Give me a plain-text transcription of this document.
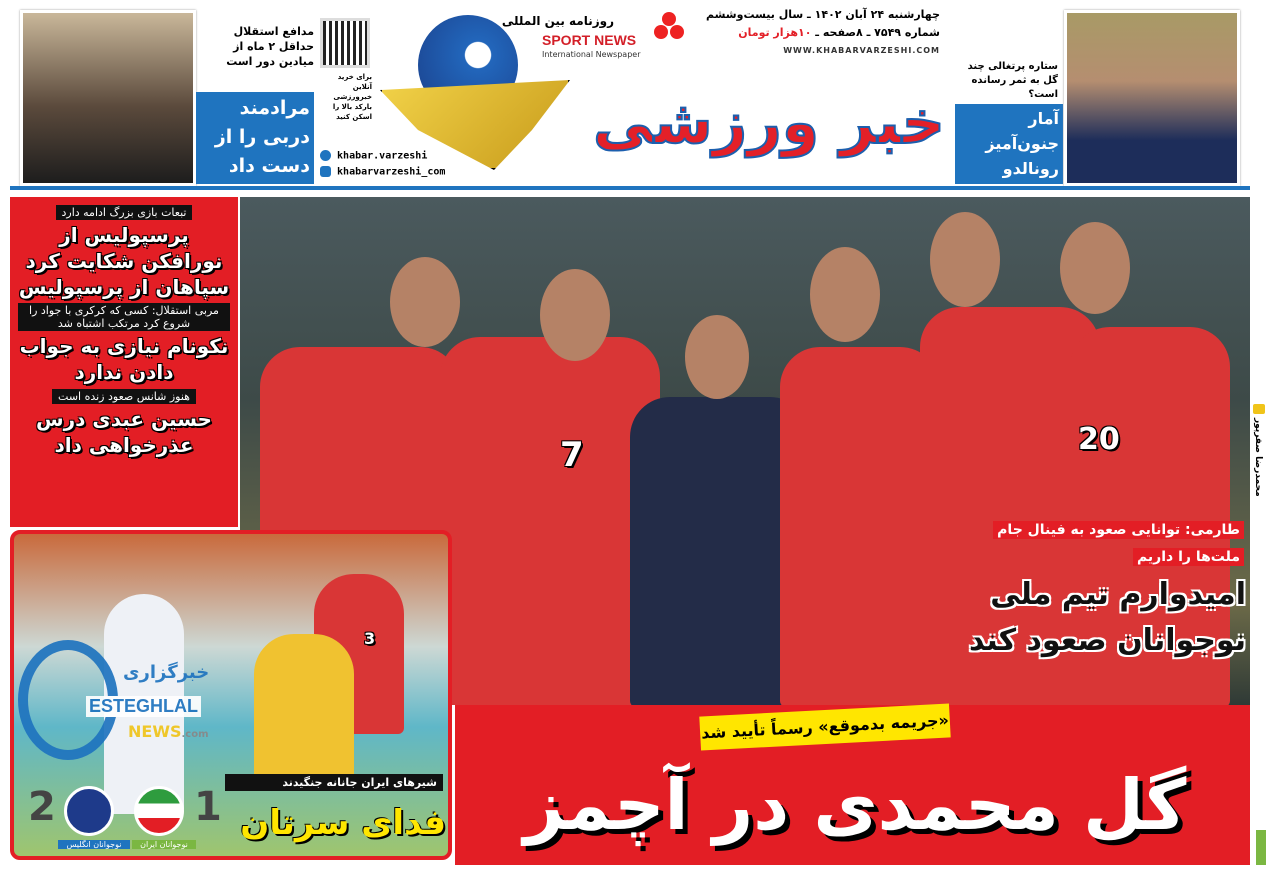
مدافع استقلال حداقل ۲ ماه از میادین دور است
مرادمند دربی را از دست داد
برای خرید آنلاین خبرورزشی بارکد بالا را اسکن کنید
روزنامه بین المللی
SPORT NEWS
International Newspaper
خبر ورزشی
چهارشنبه ۲۴ آبان ۱۴۰۲ ـ سال بیست‌وششم
شماره ۷۵۴۹ ـ ۸صفحه ـ ۱۰هزار تومان
WWW.KHABARVARZESHI.COM
khabar.varzeshi
khabarvarzeshi_com
ستاره پرتغالی چند گل به ثمر رسانده است؟
آمار جنون‌آمیز رونالدو
تبعات بازی بزرگ ادامه دارد
پرسپولیس از نورافکن شکایت کرد سپاهان از پرسپولیس
مربی استقلال: کسی که کرکری با جواد را شروع کرد مرتکب اشتباه شد
نکونام نیازی به جواب دادن ندارد
هنوز شانس صعود زنده است
حسین عبدی درس عذرخواهی داد	7	20	محمدرضا صفرپور
طارمی: توانایی صعود به فینال جام ملت‌ها را داریم
امیدوارم تیم ملی نوجوانان صعود کند
«جریمه بدموقع» رسماً تأیید شد
گل محمدی در آچمز
3
شیرهای ایران جانانه جنگیدند
فدای سرتان
2	1
نوجوانان انگلیس	نوجوانان ایران
خبرگزاری
ESTEGHLAL
NEWS.com
